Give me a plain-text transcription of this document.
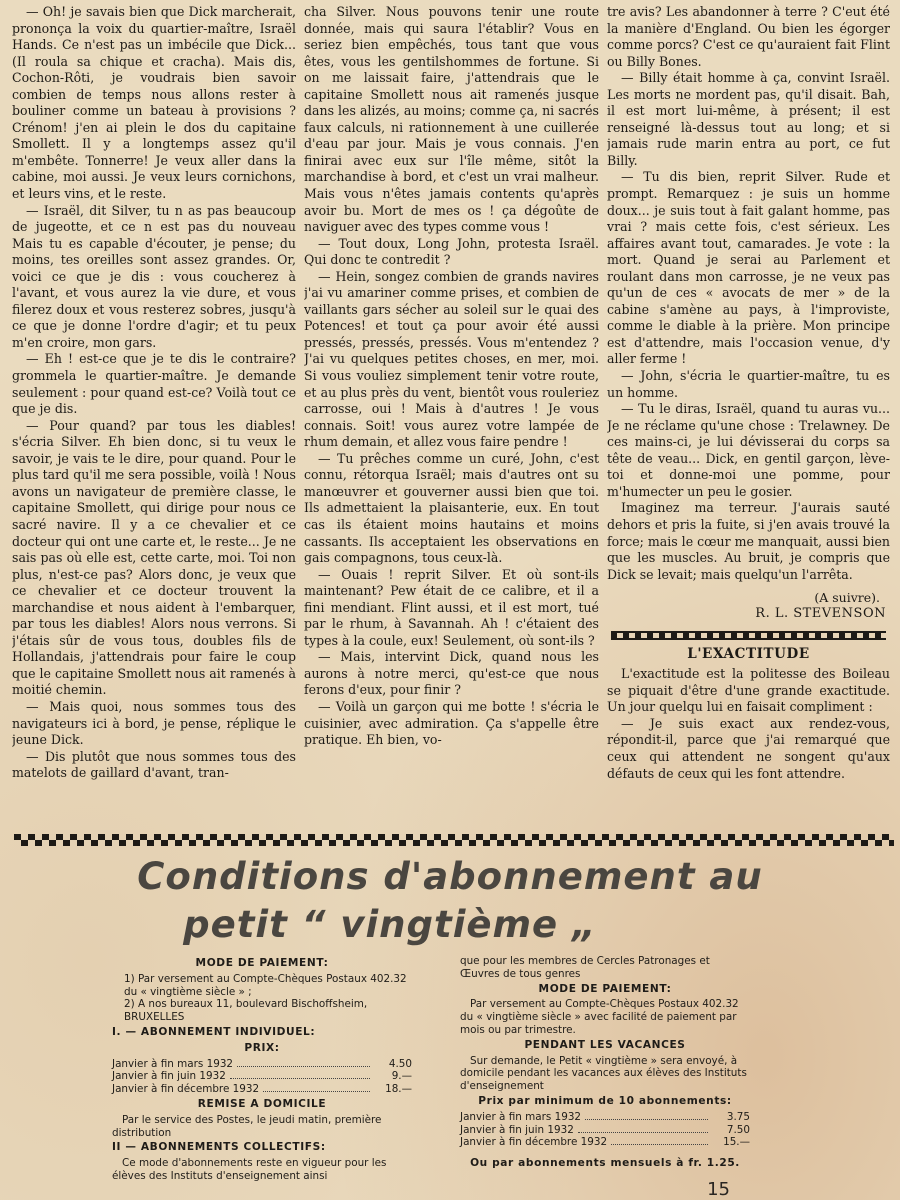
— Oh! je savais bien que Dick marcherait, prononça la voix du quartier-maître, Israël Hands. Ce n'est pas un imbécile que Dick... (Il roula sa chique et cracha). Mais dis, Cochon-Rôti, je voudrais bien savoir combien de temps nous allons rester à bouliner comme un bateau à provisions ? Crénom! j'en ai plein le dos du capitaine Smollett. Il y a longtemps assez qu'il m'embête. Tonnerre! Je veux aller dans la cabine, moi aussi. Je veux leurs cornichons, et leurs vins, et le reste.

— Israël, dit Silver, tu n as pas beaucoup de jugeotte, et ce n est pas du nouveau Mais tu es capable d'écouter, je pense; du moins, tes oreilles sont assez grandes. Or, voici ce que je dis : vous coucherez à l'avant, et vous aurez la vie dure, et vous filerez doux et vous resterez sobres, jusqu'à ce que je donne l'ordre d'agir; et tu peux m'en croire, mon gars.

— Eh ! est-ce que je te dis le contraire? grommela le quartier-maître. Je demande seulement : pour quand est-ce? Voilà tout ce que je dis.

— Pour quand? par tous les diables! s'écria Silver. Eh bien donc, si tu veux le savoir, je vais te le dire, pour quand. Pour le plus tard qu'il me sera possible, voilà ! Nous avons un navigateur de première classe, le capitaine Smollett, qui dirige pour nous ce sacré navire. Il y a ce chevalier et ce docteur qui ont une carte et, le reste... Je ne sais pas où elle est, cette carte, moi. Toi non plus, n'est-ce pas? Alors donc, je veux que ce chevalier et ce docteur trouvent la marchandise et nous aident à l'embarquer, par tous les diables! Alors nous verrons. Si j'étais sûr de vous tous, doubles fils de Hollandais, j'attendrais pour faire le coup que le capitaine Smollett nous ait ramenés à moitié chemin.

— Mais quoi, nous sommes tous des navigateurs ici à bord, je pense, réplique le jeune Dick.

— Dis plutôt que nous sommes tous des matelots de gaillard d'avant, tran-

cha Silver. Nous pouvons tenir une route donnée, mais qui saura l'établir? Vous en seriez bien empêchés, tous tant que vous êtes, vous les gentilshommes de fortune. Si on me laissait faire, j'attendrais que le capitaine Smollett nous ait ramenés jusque dans les alizés, au moins; comme ça, ni sacrés faux calculs, ni rationnement à une cuillerée d'eau par jour. Mais je vous connais. J'en finirai avec eux sur l'île même, sitôt la marchandise à bord, et c'est un vrai malheur. Mais vous n'êtes jamais contents qu'après avoir bu. Mort de mes os ! ça dégoûte de naviguer avec des types comme vous !

— Tout doux, Long John, protesta Israël. Qui donc te contredit ?

— Hein, songez combien de grands navires j'ai vu amariner comme prises, et combien de vaillants gars sécher au soleil sur le quai des Potences! et tout ça pour avoir été aussi pressés, pressés, pressés. Vous m'entendez ? J'ai vu quelques petites choses, en mer, moi. Si vous vouliez simplement tenir votre route, et au plus près du vent, bientôt vous rouleriez carrosse, oui ! Mais à d'autres ! Je vous connais. Soit! vous aurez votre lampée de rhum demain, et allez vous faire pendre !

— Tu prêches comme un curé, John, c'est connu, rétorqua Israël; mais d'autres ont su manœuvrer et gouverner aussi bien que toi. Ils admettaient la plaisanterie, eux. En tout cas ils étaient moins hautains et moins cassants. Ils acceptaient les observations en gais compagnons, tous ceux-là.

— Ouais ! reprit Silver. Et où sont-ils maintenant? Pew était de ce calibre, et il a fini mendiant. Flint aussi, et il est mort, tué par le rhum, à Savannah. Ah ! c'étaient des types à la coule, eux! Seulement, où sont-ils ?

— Mais, intervint Dick, quand nous les aurons à notre merci, qu'est-ce que nous ferons d'eux, pour finir ?

— Voilà un garçon qui me botte ! s'écria le cuisinier, avec admiration. Ça s'appelle être pratique. Eh bien, vo-

tre avis? Les abandonner à terre ? C'eut été la manière d'England. Ou bien les égorger comme porcs? C'est ce qu'auraient fait Flint ou Billy Bones.

— Billy était homme à ça, convint Israël. Les morts ne mordent pas, qu'il disait. Bah, il est mort lui-même, à présent; il est renseigné là-dessus tout au long; et si jamais rude marin entra au port, ce fut Billy.

— Tu dis bien, reprit Silver. Rude et prompt. Remarquez : je suis un homme doux... je suis tout à fait galant homme, pas vrai ? mais cette fois, c'est sérieux. Les affaires avant tout, camarades. Je vote : la mort. Quand je serai au Parlement et roulant dans mon carrosse, je ne veux pas qu'un de ces « avocats de mer » de la cabine s'amène au pays, à l'improviste, comme le diable à la prière. Mon principe est d'attendre, mais l'occasion venue, d'y aller ferme !

— John, s'écria le quartier-maître, tu es un homme.

— Tu le diras, Israël, quand tu auras vu... Je ne réclame qu'une chose : Trelawney. De ces mains-ci, je lui dévisserai du corps sa tête de veau... Dick, en gentil garçon, lève-toi et donne-moi une pomme, pour m'humecter un peu le gosier.

Imaginez ma terreur. J'aurais sauté dehors et pris la fuite, si j'en avais trouvé la force; mais le cœur me manquait, aussi bien que les muscles. Au bruit, je compris que Dick se levait; mais quelqu'un l'arrêta.

(A suivre).
R. L. STEVENSON
L'EXACTITUDE

L'exactitude est la politesse des Boileau se piquait d'être d'une grande exactitude. Un jour quelqu lui en faisait compliment :

— Je suis exact aux rendez-vous, répondit-il, parce que j'ai remarqué que ceux qui attendent ne songent qu'aux défauts de ceux qui les font attendre.

Conditions d'abonnement au
petit “ vingtième „
MODE DE PAIEMENT:
1) Par versement au Compte-Chèques Postaux 402.32 du « vingtième siècle » ;
2) A nos bureaux 11, boulevard Bischoffsheim, BRUXELLES
I. — ABONNEMENT INDIVIDUEL:
PRIX:
Janvier à fin mars 1932	4.50
Janvier à fin juin 1932	9.—
Janvier à fin décembre 1932	18.—
REMISE A DOMICILE
Par le service des Postes, le jeudi matin, première distribution
II — ABONNEMENTS COLLECTIFS:
Ce mode d'abonnements reste en vigueur pour les élèves des Instituts d'enseignement ainsi
que pour les membres de Cercles Patronages et Œuvres de tous genres
MODE DE PAIEMENT:
Par versement au Compte-Chèques Postaux 402.32 du « vingtième siècle » avec facilité de paiement par mois ou par trimestre.
PENDANT LES VACANCES
Sur demande, le Petit « vingtième » sera envoyé, à domicile pendant les vacances aux élèves des Instituts d'enseignement
Prix par minimum de 10 abonnements:
Janvier à fin mars 1932	3.75
Janvier à fin juin 1932	7.50
Janvier à fin décembre 1932	15.—
Ou par abonnements mensuels à fr. 1.25.
15
